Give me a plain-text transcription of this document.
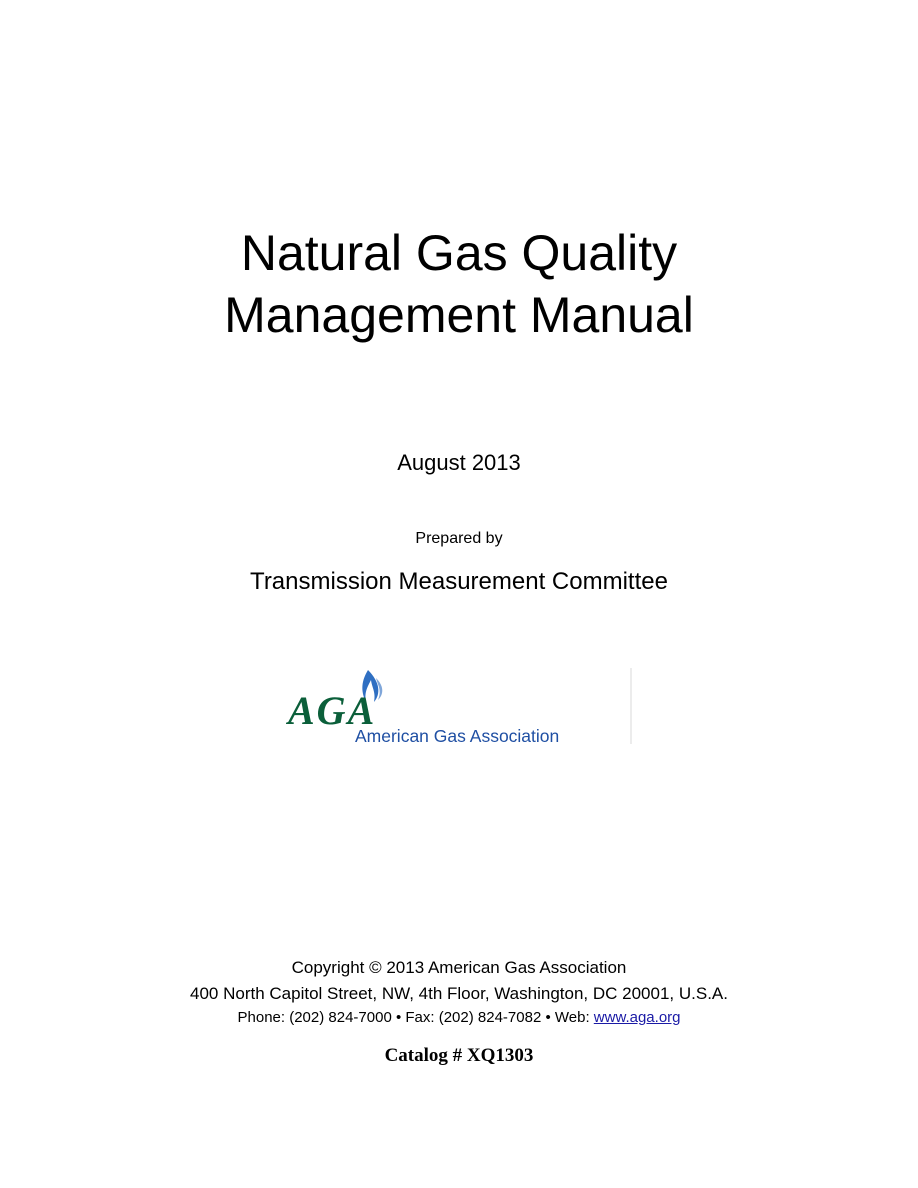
Natural Gas Quality
Management Manual

August 2013

Prepared by

Transmission Measurement Committee

AGA
American Gas Association

Copyright © 2013 American Gas Association

400 North Capitol Street, NW, 4th Floor, Washington, DC 20001, U.S.A.

Phone: (202) 824-7000 • Fax: (202) 824-7082 • Web: www.aga.org

Catalog # XQ1303
